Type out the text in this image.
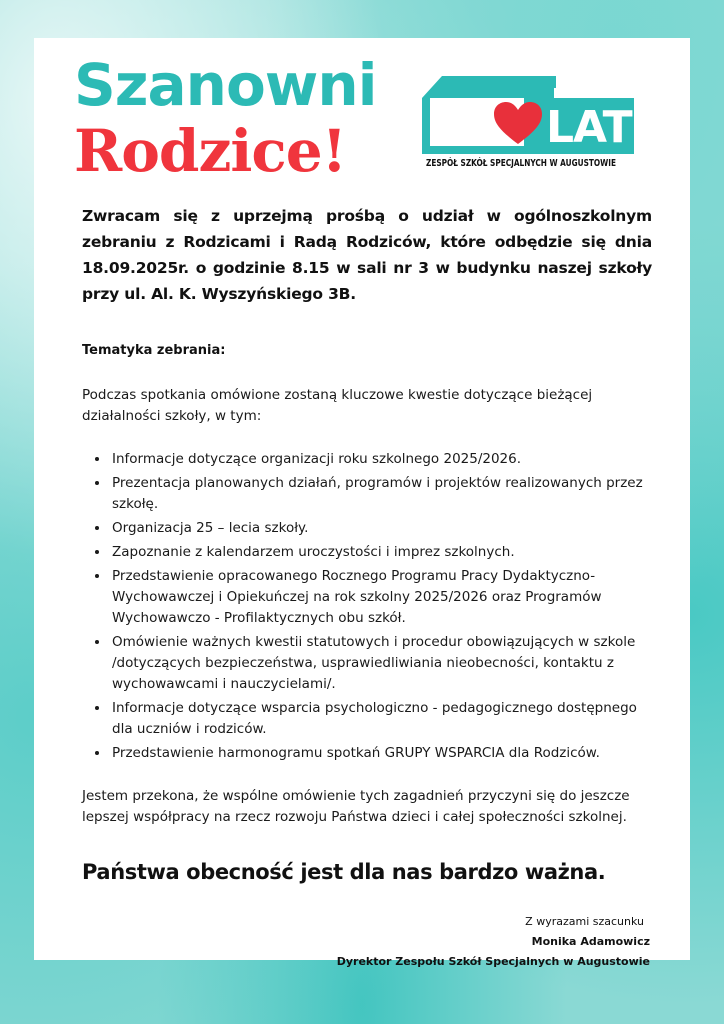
Szanowni
Rodzice!	25 LAT
ZESPÓŁ SZKÓŁ SPECJALNYCH W AUGUSTOWIE

Zwracam się z uprzejmą prośbą o udział w ogólnoszkolnym zebraniu z Rodzicami i Radą Rodziców, które odbędzie się dnia 18.09.2025r. o godzinie 8.15 w sali nr 3 w budynku naszej szkoły przy ul. Al. K. Wyszyńskiego 3B.

Tematyka zebrania:

Podczas spotkania omówione zostaną kluczowe kwestie dotyczące bieżącej działalności szkoły, w tym:

• Informacje dotyczące organizacji roku szkolnego 2025/2026.
• Prezentacja planowanych działań, programów i projektów realizowanych przez szkołę.
• Organizacja 25 – lecia szkoły.
• Zapoznanie z kalendarzem uroczystości i imprez szkolnych.
• Przedstawienie opracowanego Rocznego Programu Pracy Dydaktyczno-Wychowawczej i Opiekuńczej na rok szkolny 2025/2026 oraz Programów Wychowawczo - Profilaktycznych obu szkół.
• Omówienie ważnych kwestii statutowych i procedur obowiązujących w szkole /dotyczących bezpieczeństwa, usprawiedliwiania nieobecności, kontaktu z wychowawcami i nauczycielami/.
• Informacje dotyczące wsparcia psychologiczno - pedagogicznego dostępnego dla uczniów i rodziców.
• Przedstawienie harmonogramu spotkań GRUPY WSPARCIA dla Rodziców.

Jestem przekona, że wspólne omówienie tych zagadnień przyczyni się do jeszcze lepszej współpracy na rzecz rozwoju Państwa dzieci i całej społeczności szkolnej.

Państwa obecność jest dla nas bardzo ważna.

Z wyrazami szacunku
Monika Adamowicz
Dyrektor Zespołu Szkół Specjalnych w Augustowie
